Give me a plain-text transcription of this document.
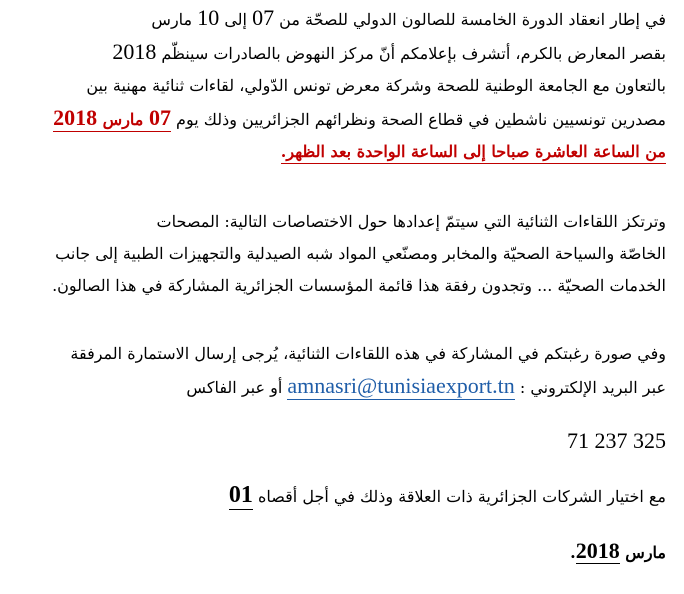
في إطار انعقاد الدورة الخامسة للصالون الدولي للصحّة من 07 إلى 10 مارس
بقصر المعارض بالكرم، أتشرف بإعلامكم أنّ مركز النهوض بالصادرات سينظّم 2018
بالتعاون مع الجامعة الوطنية للصحة وشركة معرض تونس الدّولي، لقاءات ثنائية مهنية بين
مصدرين تونسيين ناشطين في قطاع الصحة ونظرائهم الجزائريين وذلك يوم 07 مارس 2018
من الساعة العاشرة صباحا إلى الساعة الواحدة بعد الظهر.
وترتكز اللقاءات الثنائية التي سيتمّ إعدادها حول الاختصاصات التالية: المصحات
الخاصّة والسياحة الصحيّة والمخابر ومصنّعي المواد شبه الصيدلية والتجهيزات الطبية إلى جانب
الخدمات الصحيّة ... وتجدون رفقة هذا قائمة المؤسسات الجزائرية المشاركة في هذا الصالون.
وفي صورة رغبتكم في المشاركة في هذه اللقاءات الثنائية، يُرجى إرسال الاستمارة المرفقة
عبر البريد الإلكتروني : amnasri@tunisiaexport.tn أو عبر الفاكس
71 237 325
مع اختيار الشركات الجزائرية ذات العلاقة وذلك في أجل أقصاه 01
مارس 2018.
